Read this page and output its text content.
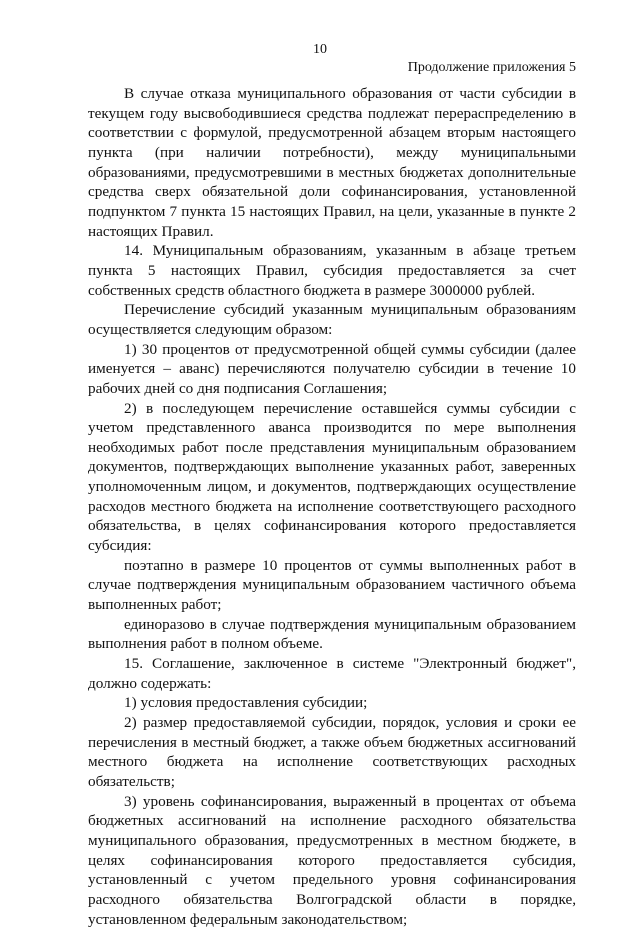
10
Продолжение приложения 5

В случае отказа муниципального образования от части субсидии в текущем году высвободившиеся средства подлежат перераспределению в соответствии с формулой, предусмотренной абзацем вторым настоящего пункта (при наличии потребности), между муниципальными образованиями, предусмотревшими в местных бюджетах дополнительные средства сверх обязательной доли софинансирования, установленной подпунктом 7 пункта 15 настоящих Правил, на цели, указанные в пункте 2 настоящих Правил.

14. Муниципальным образованиям, указанным в абзаце третьем пункта 5 настоящих Правил, субсидия предоставляется за счет собственных средств областного бюджета в размере 3000000 рублей.

Перечисление субсидий указанным муниципальным образованиям осуществляется следующим образом:

1) 30 процентов от предусмотренной общей суммы субсидии (далее именуется – аванс) перечисляются получателю субсидии в течение 10 рабочих дней со дня подписания Соглашения;

2) в последующем перечисление оставшейся суммы субсидии с учетом представленного аванса производится по мере выполнения необходимых работ после представления муниципальным образованием документов, подтверждающих выполнение указанных работ, заверенных уполномоченным лицом, и документов, подтверждающих осуществление расходов местного бюджета на исполнение соответствующего расходного обязательства, в целях софинансирования которого предоставляется субсидия:

поэтапно в размере 10 процентов от суммы выполненных работ в случае подтверждения муниципальным образованием частичного объема выполненных работ;

единоразово в случае подтверждения муниципальным образованием выполнения работ в полном объеме.

15. Соглашение, заключенное в системе "Электронный бюджет", должно содержать:

1) условия предоставления субсидии;

2) размер предоставляемой субсидии, порядок, условия и сроки ее перечисления в местный бюджет, а также объем бюджетных ассигнований местного бюджета на исполнение соответствующих расходных обязательств;

3) уровень софинансирования, выраженный в процентах от объема бюджетных ассигнований на исполнение расходного обязательства муниципального образования, предусмотренных в местном бюджете, в целях софинансирования которого предоставляется субсидия, установленный с учетом предельного уровня софинансирования расходного обязательства Волгоградской области в порядке, установленном федеральным законодательством;
